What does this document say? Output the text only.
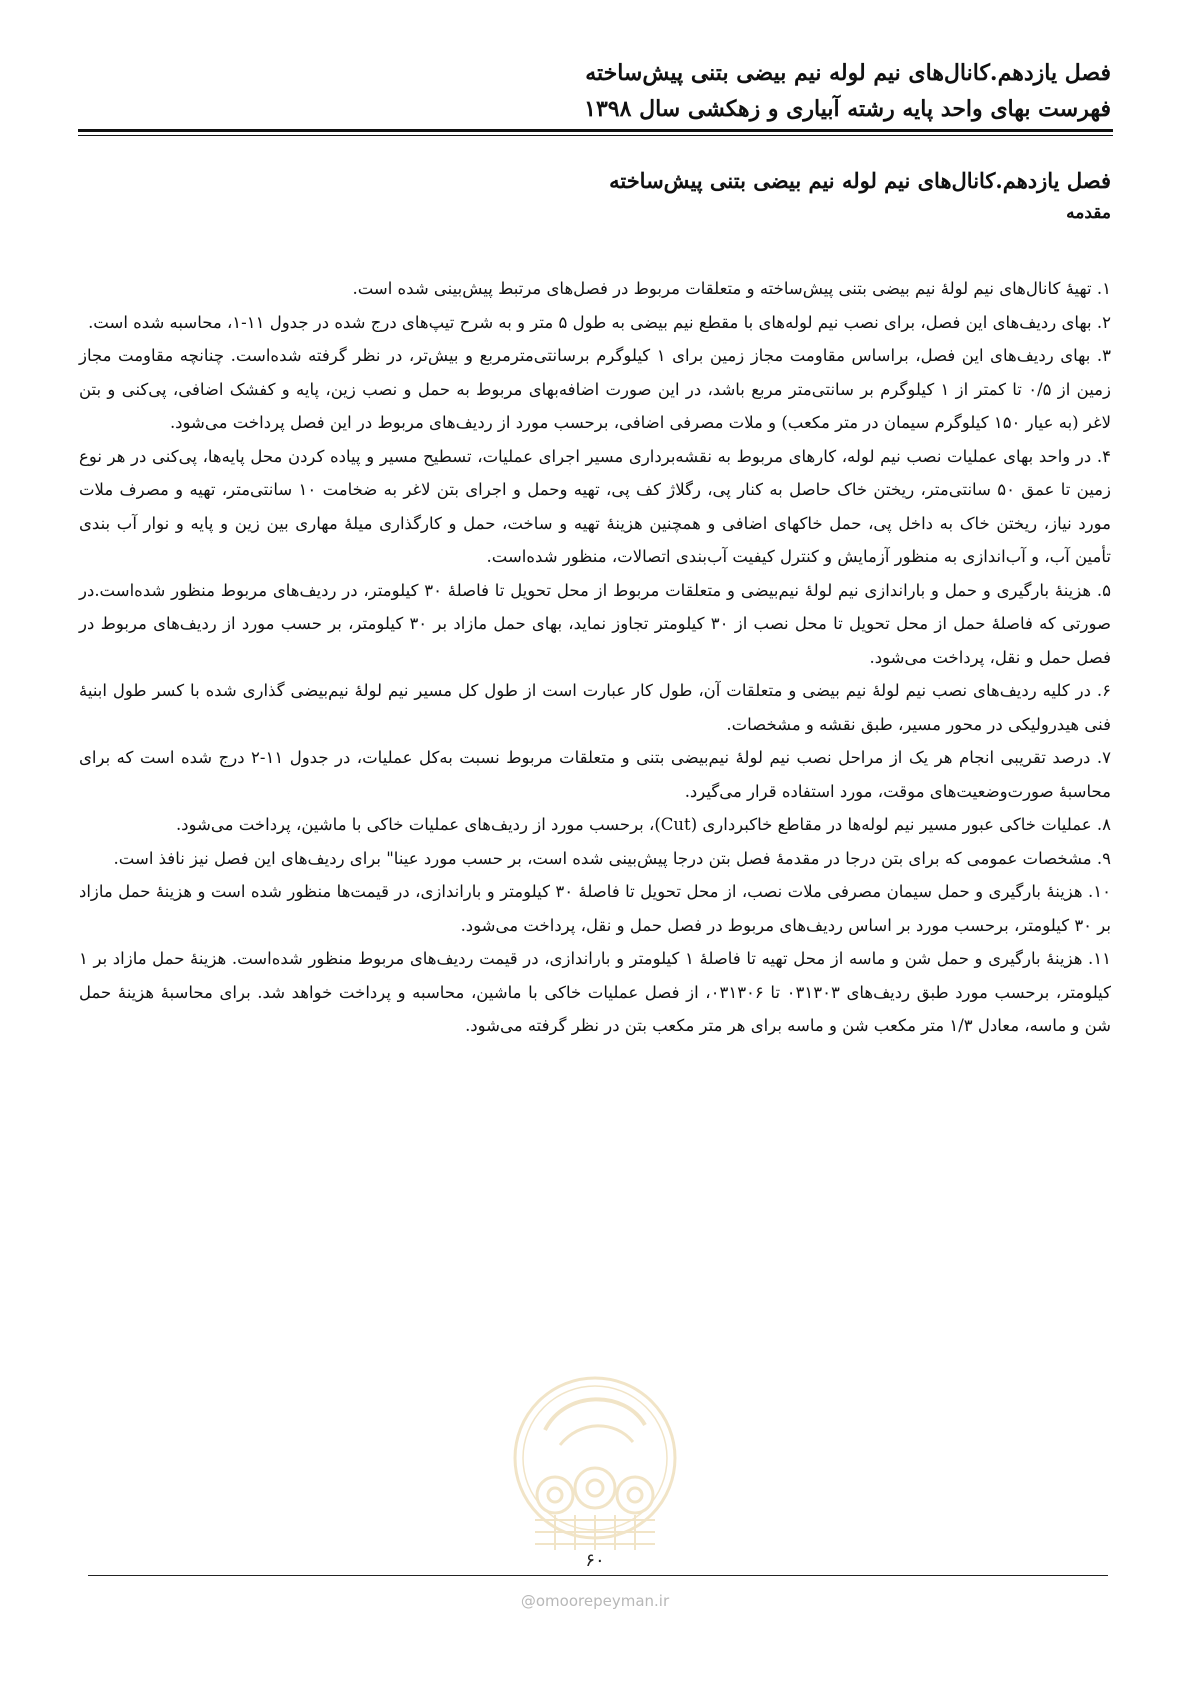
فصل یازدهم.کانال‌های نیم لوله نیم بیضی بتنی پیش‌ساخته
فهرست بهای واحد پایه رشته آبیاری و زهکشی سال ۱۳۹۸
فصل یازدهم.کانال‌های نیم لوله نیم بیضی بتنی پیش‌ساخته
مقدمه

۱. تهیهٔ کانال‌های نیم لولهٔ نیم بیضی بتنی پیش‌ساخته و متعلقات مربوط در فصل‌های مرتبط پیش‌بینی شده است.

۲. بهای ردیف‌های این فصل، برای نصب نیم لوله‌های با مقطع نیم بیضی به طول ۵ متر و به شرح تیپ‌های درج شده در جدول ۱۱-۱، محاسبه شده است.

۳. بهای ردیف‌های این فصل، براساس مقاومت مجاز زمین برای ۱ کیلوگرم برسانتی‌مترمربع و بیش‌تر، در نظر گرفته شده‌است. چنانچه مقاومت مجاز زمین از ۰/۵ تا کمتر از ۱ کیلوگرم بر سانتی‌متر مربع باشد، در این صورت اضافه‌بهای مربوط به حمل و نصب زین، پایه و کفشک اضافی، پی‌کنی و بتن لاغر (به عیار ۱۵۰ کیلوگرم سیمان در متر مکعب) و ملات مصرفی اضافی، برحسب مورد از ردیف‌های مربوط در این فصل پرداخت می‌شود.

۴. در واحد بهای عملیات نصب نیم لوله، کارهای مربوط به نقشه‌برداری مسیر اجرای عملیات، تسطیح مسیر و پیاده کردن محل پایه‌ها، پی‌کنی در هر نوع زمین تا عمق ۵۰ سانتی‌متر، ریختن خاک حاصل به کنار پی، رگلاژ کف پی، تهیه وحمل و اجرای بتن لاغر به ضخامت ۱۰ سانتی‌متر، تهیه و مصرف ملات مورد نیاز، ریختن خاک به داخل پی، حمل خاکهای اضافی و همچنین هزینهٔ تهیه و ساخت، حمل و کارگذاری میلهٔ مهاری بین زین و پایه و نوار آب بندی تأمین آب، و آب‌اندازی به منظور آزمایش و کنترل کیفیت آب‌بندی اتصالات، منظور شده‌است.

۵. هزینهٔ بارگیری و حمل و باراندازی نیم لولهٔ نیم‌بیضی و متعلقات مربوط از محل تحویل تا فاصلهٔ ۳۰ کیلومتر، در ردیف‌های مربوط منظور شده‌است.در صورتی که فاصلهٔ حمل از محل تحویل تا محل نصب از ۳۰ کیلومتر تجاوز نماید، بهای حمل مازاد بر ۳۰ کیلومتر، بر حسب مورد از ردیف‌های مربوط در فصل حمل و نقل، پرداخت می‌شود.

۶. در کلیه ردیف‌های نصب نیم لولهٔ نیم بیضی و متعلقات آن، طول کار عبارت است از طول کل مسیر نیم لولهٔ نیم‌بیضی گذاری شده با کسر طول ابنیهٔ فنی هیدرولیکی در محور مسیر، طبق نقشه و مشخصات.

۷. درصد تقریبی انجام هر یک از مراحل نصب نیم لولهٔ نیم‌بیضی بتنی و متعلقات مربوط نسبت به‌کل عملیات، در جدول ۱۱-۲ درج شده است که برای محاسبهٔ صورت‌وضعیت‌های موقت، مورد استفاده قرار می‌گیرد.

۸. عملیات خاکی عبور مسیر نیم لوله‌ها در مقاطع خاکبرداری (Cut)، برحسب مورد از ردیف‌های عملیات خاکی با ماشین، پرداخت می‌شود.

۹. مشخصات عمومی که برای بتن درجا در مقدمهٔ فصل بتن درجا پیش‌بینی شده است، بر حسب مورد عینا" برای ردیف‌های این فصل نیز نافذ است.

۱۰. هزینهٔ بارگیری و حمل سیمان مصرفی ملات نصب، از محل تحویل تا فاصلهٔ ۳۰ کیلومتر و باراندازی، در قیمت‌ها منظور شده است و هزینهٔ حمل مازاد بر ۳۰ کیلومتر، برحسب مورد بر اساس ردیف‌های مربوط در فصل حمل و نقل، پرداخت می‌شود.

۱۱. هزینهٔ بارگیری و حمل شن و ماسه از محل تهیه تا فاصلهٔ ۱ کیلومتر و باراندازی، در قیمت ردیف‌های مربوط منظور شده‌است. هزینهٔ حمل مازاد بر ۱ کیلومتر، برحسب مورد طبق ردیف‌های ۰۳۱۳۰۳ تا ۰۳۱۳۰۶، از فصل عملیات خاکی با ماشین، محاسبه و پرداخت خواهد شد. برای محاسبهٔ هزینهٔ حمل شن و ماسه، معادل ۱/۳ متر مکعب شن و ماسه برای هر متر مکعب بتن در نظر گرفته می‌شود.

۶۰
@omoorepeyman.ir
